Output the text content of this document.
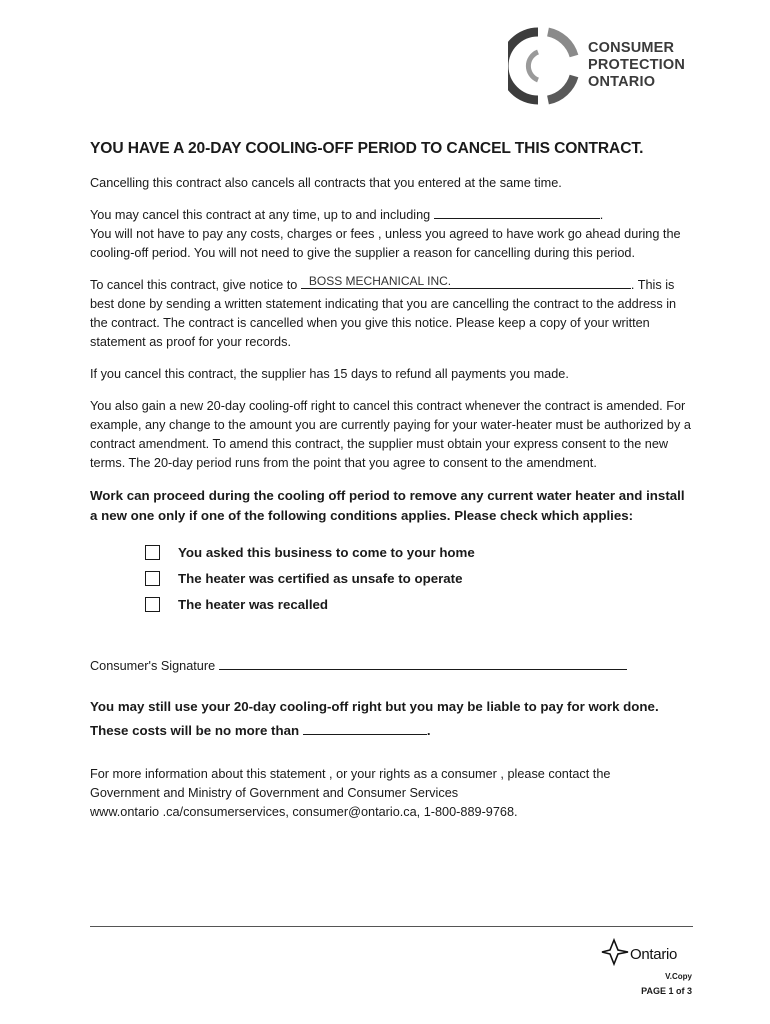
CONSUMER
PROTECTION
ONTARIO
YOU HAVE A 20-DAY COOLING-OFF PERIOD TO CANCEL THIS CONTRACT.

Cancelling this contract also cancels all contracts that you entered at the same time.

You may cancel this contract at any time, up to and including	.
You will not have to pay any costs, charges or fees , unless you agreed to have work go ahead during the cooling-off period. You will not need to give the supplier a reason for cancelling during this period.

To cancel this contract, give notice to BOSS MECHANICAL INC.	. This is best done by sending a written statement indicating that you are cancelling the contract to the address in the contract. The contract is cancelled when you give this notice. Please keep a copy of your written statement as proof for your records.

If you cancel this contract, the supplier has 15 days to refund all payments you made.

You also gain a new 20-day cooling-off right to cancel this contract whenever the contract is amended. For example, any change to the amount you are currently paying for your water-heater must be authorized by a contract amendment. To amend this contract, the supplier must obtain your express consent to the new terms. The 20-day period runs from the point that you agree to consent to the amendment.

Work can proceed during the cooling off period to remove any current water heater and install a new one only if one of the following conditions applies. Please check which applies:

You asked this business to come to your home
The heater was certified as unsafe to operate
The heater was recalled
Consumer's Signature

You may still use your 20-day cooling-off right but you may be liable to pay for work done.
These costs will be no more than	.

For more information about this statement , or your rights as a consumer , please contact the
Government and Ministry of Government and Consumer Services
www.ontario .ca/consumerservices, consumer@ontario.ca, 1-800-889-9768.

Ontario
V.Copy
PAGE 1 of 3
